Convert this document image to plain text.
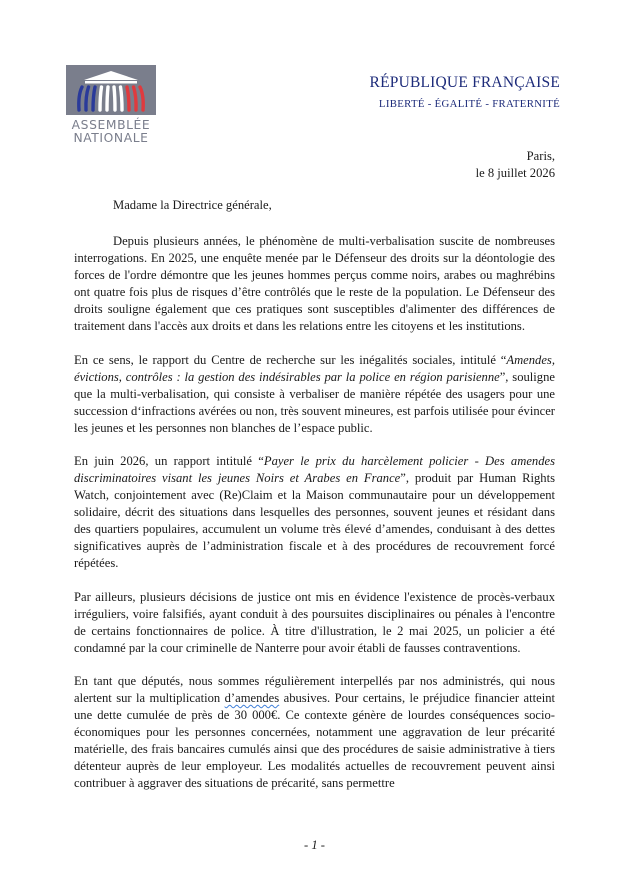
ASSEMBLÉE
NATIONALE
RÉPUBLIQUE FRANÇAISE
LIBERTÉ - ÉGALITÉ - FRATERNITÉ
Paris,
le 8 juillet 2026
Madame la Directrice générale,

Depuis plusieurs années, le phénomène de multi-verbalisation suscite de nombreuses interrogations. En 2025, une enquête menée par le Défenseur des droits sur la déontologie des forces de l'ordre démontre que les jeunes hommes perçus comme noirs, arabes ou maghrébins ont quatre fois plus de risques d’être contrôlés que le reste de la population. Le Défenseur des droits souligne également que ces pratiques sont susceptibles d'alimenter des différences de traitement dans l'accès aux droits et dans les relations entre les citoyens et les institutions.

En ce sens, le rapport du Centre de recherche sur les inégalités sociales, intitulé “Amendes, évictions, contrôles : la gestion des indésirables par la police en région parisienne”, souligne que la multi-verbalisation, qui consiste à verbaliser de manière répétée des usagers pour une succession d‘infractions avérées ou non, très souvent mineures, est parfois utilisée pour évincer les jeunes et les personnes non blanches de l’espace public.

En juin 2026, un rapport intitulé “Payer le prix du harcèlement policier - Des amendes discriminatoires visant les jeunes Noirs et Arabes en France”, produit par Human Rights Watch, conjointement avec (Re)Claim et la Maison communautaire pour un développement solidaire, décrit des situations dans lesquelles des personnes, souvent jeunes et résidant dans des quartiers populaires, accumulent un volume très élevé d’amendes, conduisant à des dettes significatives auprès de l’administration fiscale et à des procédures de recouvrement forcé répétées.

Par ailleurs, plusieurs décisions de justice ont mis en évidence l'existence de procès-verbaux irréguliers, voire falsifiés, ayant conduit à des poursuites disciplinaires ou pénales à l'encontre de certains fonctionnaires de police. À titre d'illustration, le 2 mai 2025, un policier a été condamné par la cour criminelle de Nanterre pour avoir établi de fausses contraventions.

En tant que députés, nous sommes régulièrement interpellés par nos administrés, qui nous alertent sur la multiplication d’amendes abusives. Pour certains, le préjudice financier atteint une dette cumulée de près de 30 000€. Ce contexte génère de lourdes conséquences socio-économiques pour les personnes concernées, notamment une aggravation de leur précarité matérielle, des frais bancaires cumulés ainsi que des procédures de saisie administrative à tiers détenteur auprès de leur employeur. Les modalités actuelles de recouvrement peuvent ainsi contribuer à aggraver des situations de précarité, sans permettre

- 1 -
